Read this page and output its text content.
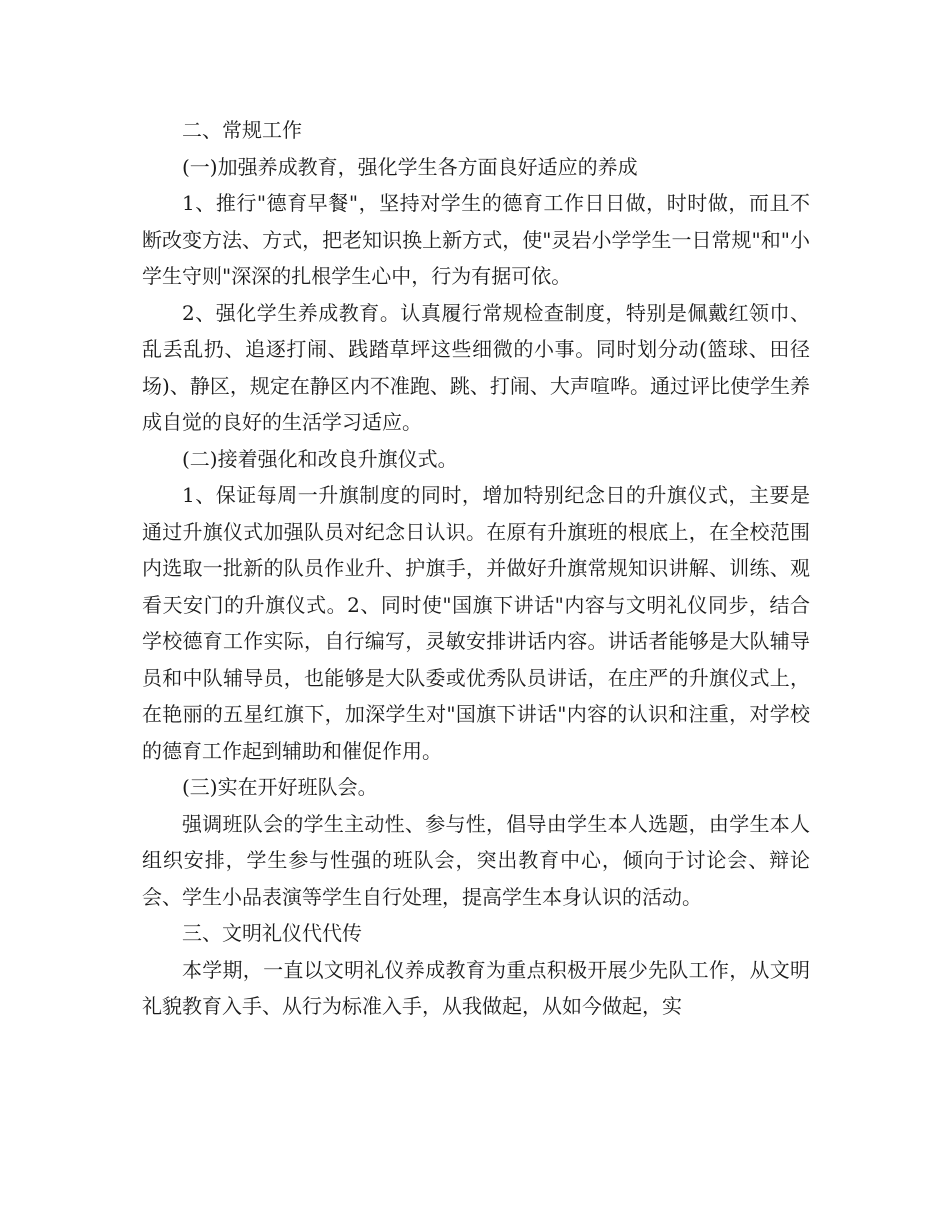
二、常规工作

(一)加强养成教育，强化学生各方面良好适应的养成

1、推行"德育早餐"，坚持对学生的德育工作日日做，时时做，而且不断改变方法、方式，把老知识换上新方式，使"灵岩小学学生一日常规"和"小学生守则"深深的扎根学生心中，行为有据可依。

2、强化学生养成教育。认真履行常规检查制度，特别是佩戴红领巾、乱丢乱扔、追逐打闹、践踏草坪这些细微的小事。同时划分动(篮球、田径场)、静区，规定在静区内不准跑、跳、打闹、大声喧哗。通过评比使学生养成自觉的良好的生活学习适应。

(二)接着强化和改良升旗仪式。

1、保证每周一升旗制度的同时，增加特别纪念日的升旗仪式，主要是通过升旗仪式加强队员对纪念日认识。在原有升旗班的根底上，在全校范围内选取一批新的队员作业升、护旗手，并做好升旗常规知识讲解、训练、观看天安门的升旗仪式。2、同时使"国旗下讲话"内容与文明礼仪同步，结合学校德育工作实际，自行编写，灵敏安排讲话内容。讲话者能够是大队辅导员和中队辅导员，也能够是大队委或优秀队员讲话，在庄严的升旗仪式上，在艳丽的五星红旗下，加深学生对"国旗下讲话"内容的认识和注重，对学校的德育工作起到辅助和催促作用。

(三)实在开好班队会。

强调班队会的学生主动性、参与性，倡导由学生本人选题，由学生本人组织安排，学生参与性强的班队会，突出教育中心，倾向于讨论会、辩论会、学生小品表演等学生自行处理，提高学生本身认识的活动。

三、文明礼仪代代传

本学期，一直以文明礼仪养成教育为重点积极开展少先队工作，从文明礼貌教育入手、从行为标准入手，从我做起，从如今做起，实
